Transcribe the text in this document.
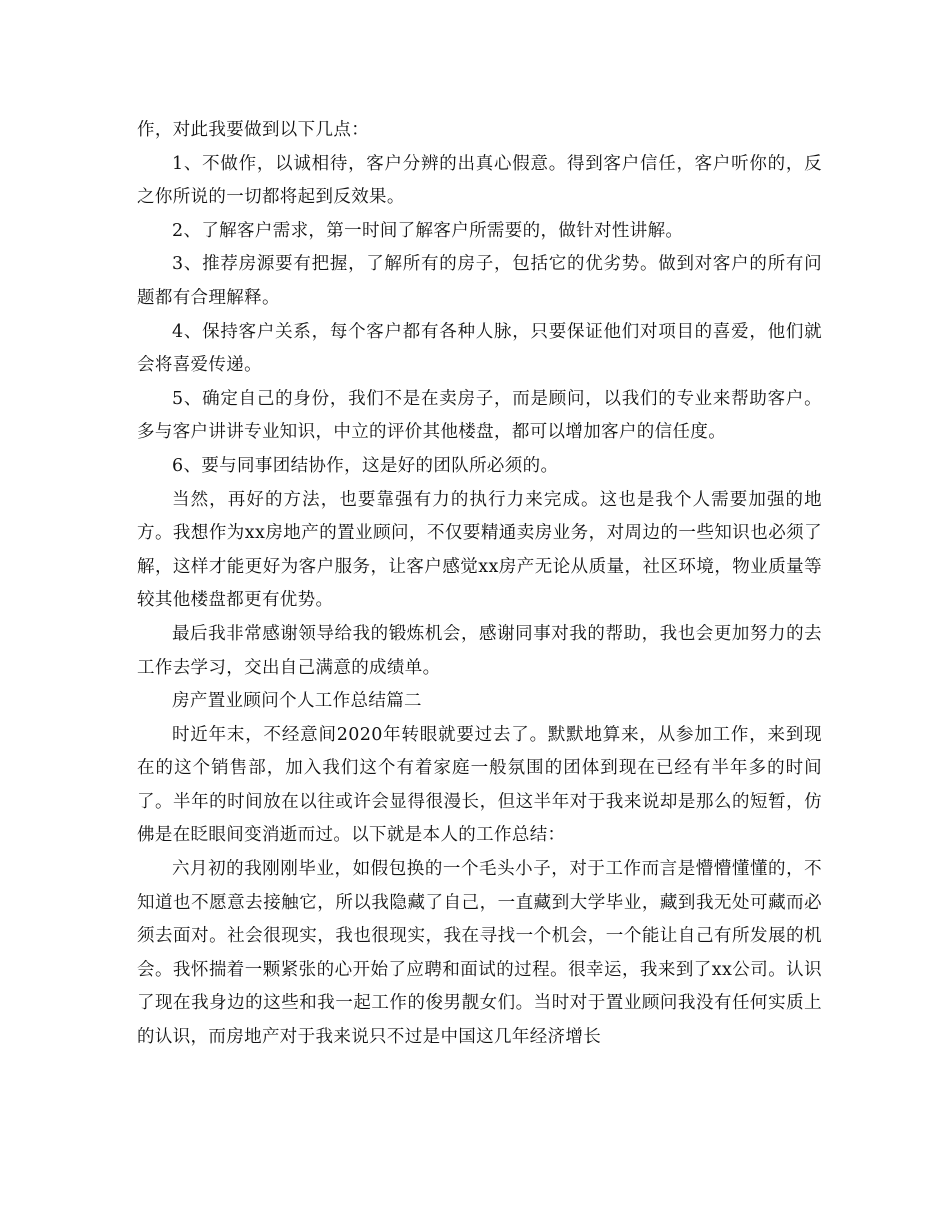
作，对此我要做到以下几点：

1、不做作，以诚相待，客户分辨的出真心假意。得到客户信任，客户听你的，反之你所说的一切都将起到反效果。

2、了解客户需求，第一时间了解客户所需要的，做针对性讲解。

3、推荐房源要有把握，了解所有的房子，包括它的优劣势。做到对客户的所有问题都有合理解释。

4、保持客户关系，每个客户都有各种人脉，只要保证他们对项目的喜爱，他们就会将喜爱传递。

5、确定自己的身份，我们不是在卖房子，而是顾问，以我们的专业来帮助客户。多与客户讲讲专业知识，中立的评价其他楼盘，都可以增加客户的信任度。

6、要与同事团结协作，这是好的团队所必须的。

当然，再好的方法，也要靠强有力的执行力来完成。这也是我个人需要加强的地方。我想作为xx房地产的置业顾问，不仅要精通卖房业务，对周边的一些知识也必须了解，这样才能更好为客户服务，让客户感觉xx房产无论从质量，社区环境，物业质量等较其他楼盘都更有优势。

最后我非常感谢领导给我的锻炼机会，感谢同事对我的帮助，我也会更加努力的去工作去学习，交出自己满意的成绩单。

房产置业顾问个人工作总结篇二

时近年末，不经意间2020年转眼就要过去了。默默地算来，从参加工作，来到现在的这个销售部，加入我们这个有着家庭一般氛围的团体到现在已经有半年多的时间了。半年的时间放在以往或许会显得很漫长，但这半年对于我来说却是那么的短暂，仿佛是在眨眼间变消逝而过。以下就是本人的工作总结：

六月初的我刚刚毕业，如假包换的一个毛头小子，对于工作而言是懵懵懂懂的，不知道也不愿意去接触它，所以我隐藏了自己，一直藏到大学毕业，藏到我无处可藏而必须去面对。社会很现实，我也很现实，我在寻找一个机会，一个能让自己有所发展的机会。我怀揣着一颗紧张的心开始了应聘和面试的过程。很幸运，我来到了xx公司。认识了现在我身边的这些和我一起工作的俊男靓女们。当时对于置业顾问我没有任何实质上的认识，而房地产对于我来说只不过是中国这几年经济增长
